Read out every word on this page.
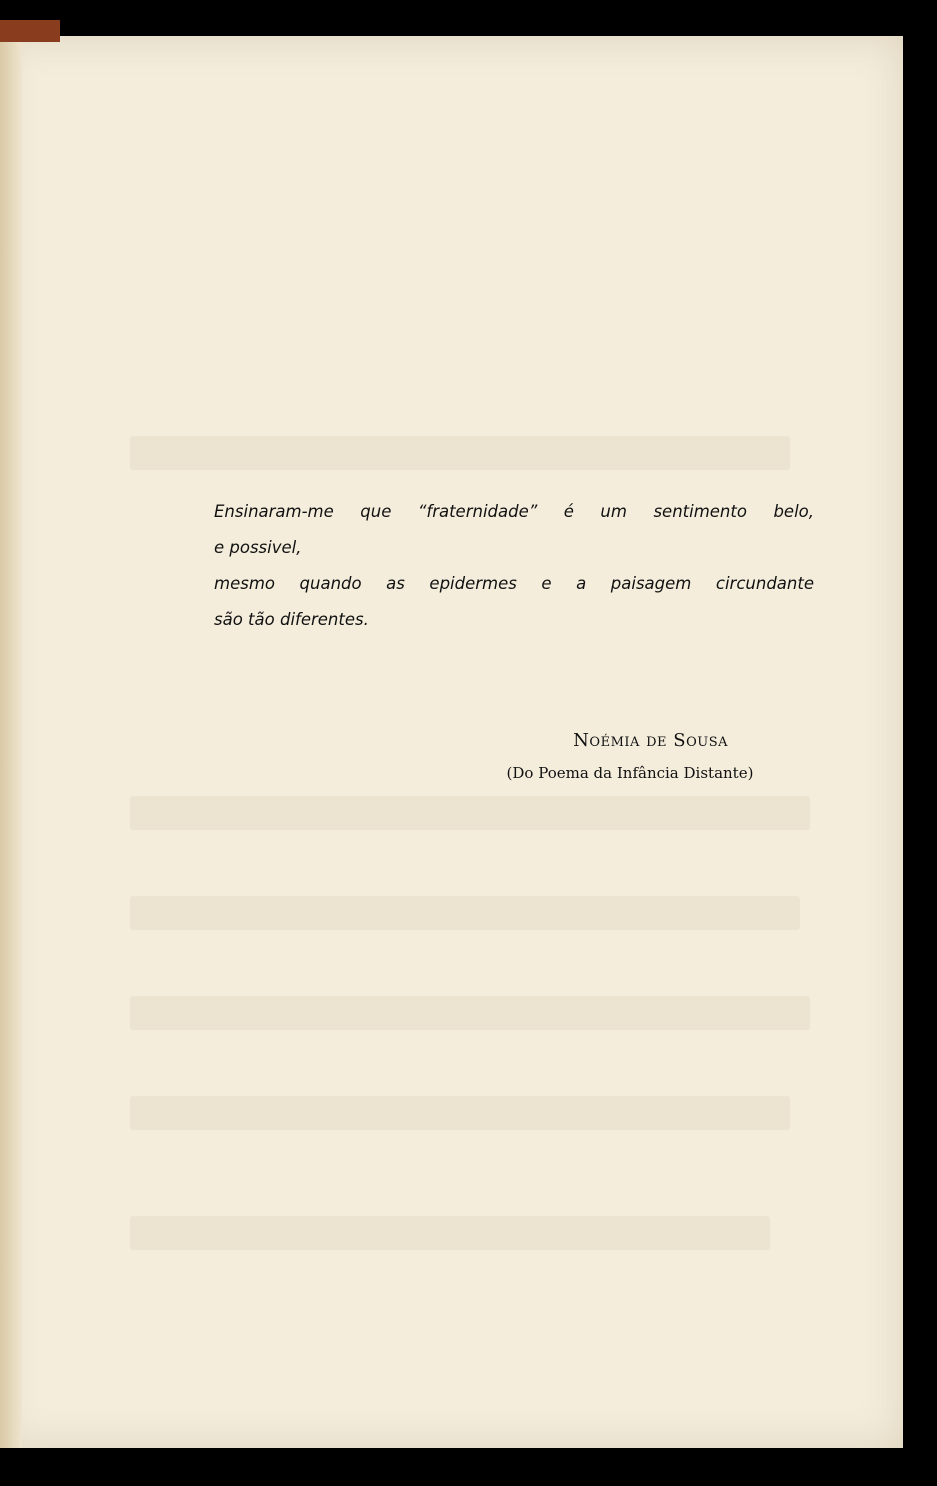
Ensinaram-me que “fraternidade” é um sentimento belo,
e possivel,
mesmo quando as epidermes e a paisagem circundante
são tão diferentes.
Noémia de Sousa
(Do Poema da Infância Distante)
